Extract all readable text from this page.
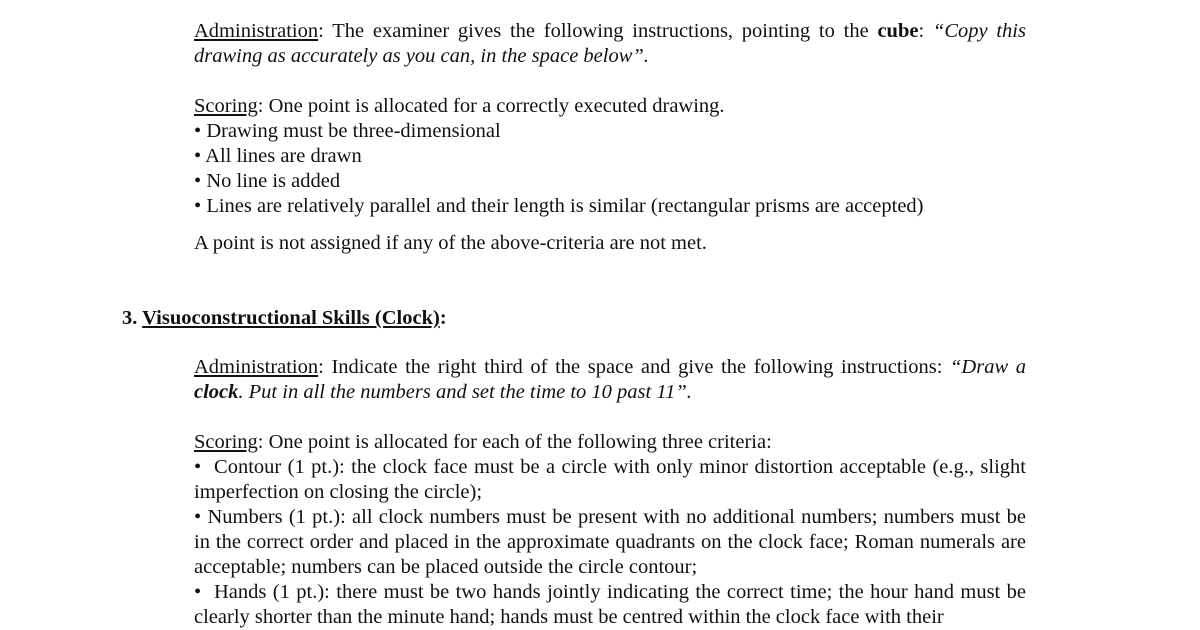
Administration: The examiner gives the following instructions, pointing to the cube: “Copy this drawing as accurately as you can, in the space below”.
Scoring: One point is allocated for a correctly executed drawing.
• Drawing must be three-dimensional
• All lines are drawn
• No line is added
• Lines are relatively parallel and their length is similar (rectangular prisms are accepted)
A point is not assigned if any of the above-criteria are not met.
3. Visuoconstructional Skills (Clock):
Administration: Indicate the right third of the space and give the following instructions: “Draw a clock. Put in all the numbers and set the time to 10 past 11”.
Scoring: One point is allocated for each of the following three criteria:
•  Contour (1 pt.): the clock face must be a circle with only minor distortion acceptable (e.g., slight imperfection on closing the circle);
• Numbers (1 pt.): all clock numbers must be present with no additional numbers; numbers must be in the correct order and placed in the approximate quadrants on the clock face; Roman numerals are acceptable; numbers can be placed outside the circle contour;
•  Hands (1 pt.): there must be two hands jointly indicating the correct time; the hour hand must be clearly shorter than the minute hand; hands must be centred within the clock face with their
